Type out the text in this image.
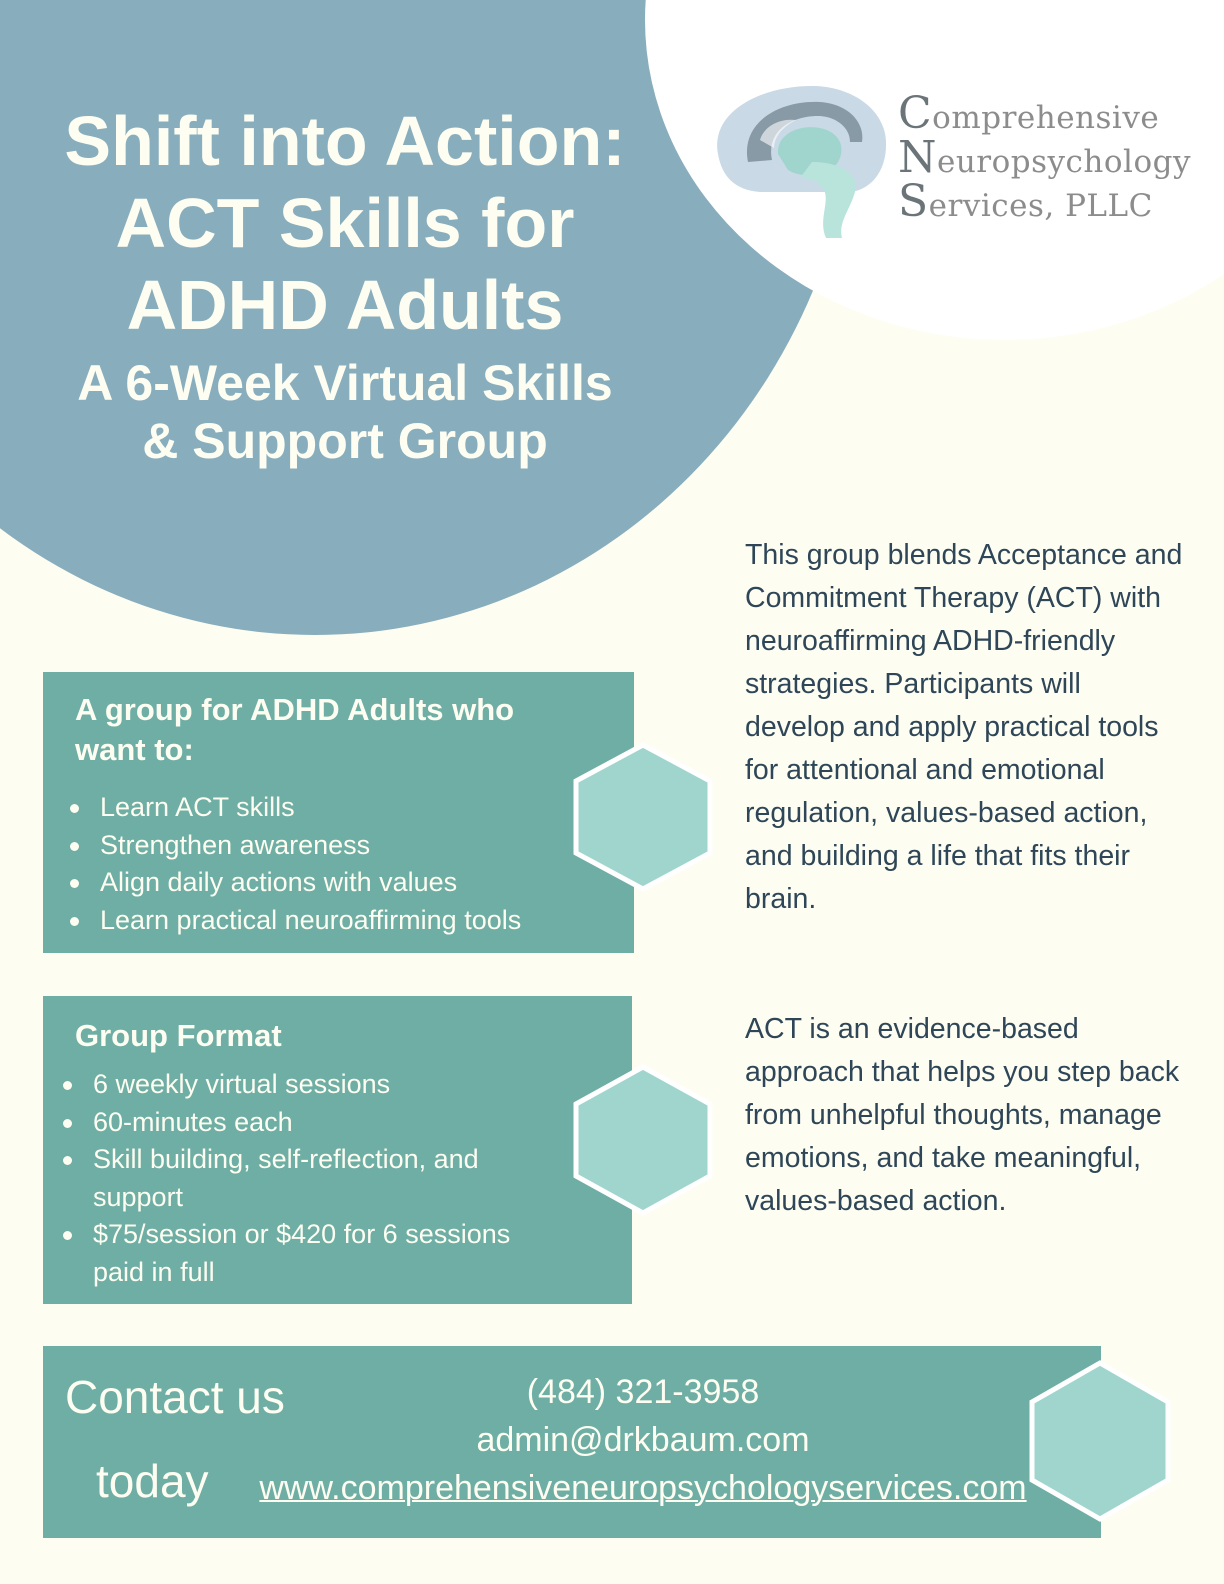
Shift into Action:
ACT Skills for
ADHD Adults
A 6-Week Virtual Skills
& Support Group
Comprehensive
Neuropsychology
Services, PLLC
A group for ADHD Adults who
want to:
Learn ACT skills
Strengthen awareness
Align daily actions with values
Learn practical neuroaffirming tools
Group Format
6 weekly virtual sessions
60-minutes each
Skill building, self-reflection, and support
$75/session or $420 for 6 sessions paid in full

This group blends Acceptance and Commitment Therapy (ACT) with neuroaffirming ADHD-friendly strategies. Participants will develop and apply practical tools for attentional and emotional regulation, values-based action, and building a life that fits their brain.

ACT is an evidence-based approach that helps you step back from unhelpful thoughts, manage emotions, and take meaningful, values-based action.

Contact us
today
(484) 321-3958
admin@drkbaum.com
www.comprehensiveneuropsychologyservices.com
